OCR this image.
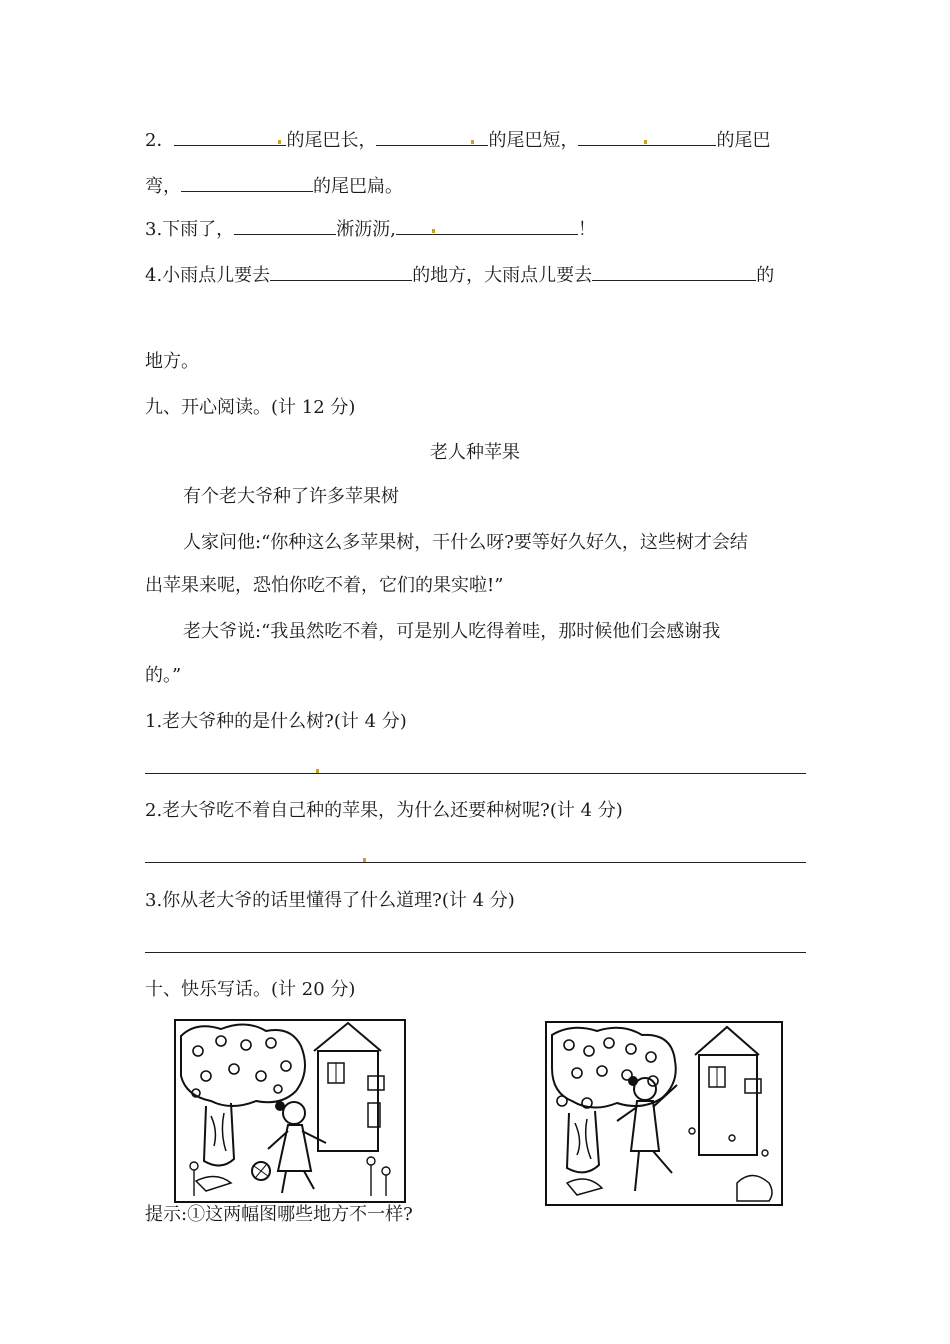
2．	的尾巴长，	的尾巴短，	的尾巴
弯，	的尾巴扁。
3.下雨了，	淅沥沥,	！
4.小雨点儿要去	的地方，大雨点儿要去	的
地方。
九、开心阅读。(计 12 分)
老人种苹果
有个老大爷种了许多苹果树
人家问他:“你种这么多苹果树，干什么呀?要等好久好久，这些树才会结
出苹果来呢，恐怕你吃不着，它们的果实啦!”
老大爷说:“我虽然吃不着，可是别人吃得着哇，那时候他们会感谢我
的。”
1.老大爷种的是什么树?(计 4 分)
2.老大爷吃不着自己种的苹果，为什么还要种树呢?(计 4 分)
3.你从老大爷的话里懂得了什么道理?(计 4 分)
十、快乐写话。(计 20 分)
提示:①这两幅图哪些地方不一样?
